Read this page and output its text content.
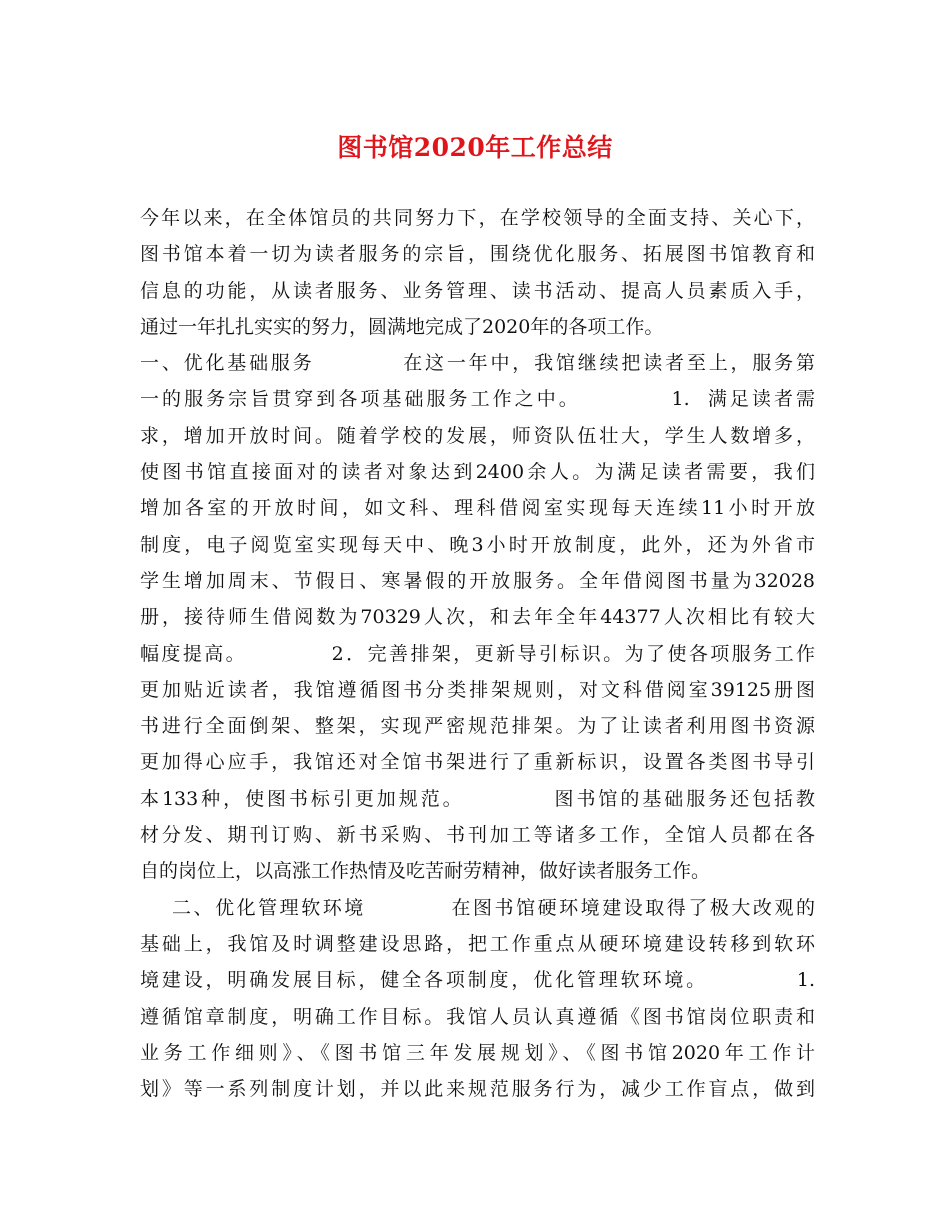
图书馆2020年工作总结
今年以来，在全体馆员的共同努力下，在学校领导的全面支持、关心下，
图书馆本着一切为读者服务的宗旨，围绕优化服务、拓展图书馆教育和
信息的功能，从读者服务、业务管理、读书活动、提高人员素质入手，
通过一年扎扎实实的努力，圆满地完成了2020年的各项工作。
一、优化基础服务          在这一年中，我馆继续把读者至上，服务第
一的服务宗旨贯穿到各项基础服务工作之中。          1.  满足读者需
求，增加开放时间。随着学校的发展，师资队伍壮大，学生人数增多，
使图书馆直接面对的读者对象达到2400余人。为满足读者需要，我们
增加各室的开放时间，如文科、理科借阅室实现每天连续11小时开放
制度，电子阅览室实现每天中、晚3小时开放制度，此外，还为外省市
学生增加周末、节假日、寒暑假的开放服务。全年借阅图书量为32028
册，接待师生借阅数为70329人次，和去年全年44377人次相比有较大
幅度提高。          2．完善排架，更新导引标识。为了使各项服务工作
更加贴近读者，我馆遵循图书分类排架规则，对文科借阅室39125册图
书进行全面倒架、整架，实现严密规范排架。为了让读者利用图书资源
更加得心应手，我馆还对全馆书架进行了重新标识，设置各类图书导引
本133种，使图书标引更加规范。          图书馆的基础服务还包括教
材分发、期刊订购、新书采购、书刊加工等诸多工作，全馆人员都在各
自的岗位上，以高涨工作热情及吃苦耐劳精神，做好读者服务工作。
二、优化管理软环境          在图书馆硬环境建设取得了极大改观的
基础上，我馆及时调整建设思路，把工作重点从硬环境建设转移到软环
境建设，明确发展目标，健全各项制度，优化管理软环境。          1.
遵循馆章制度，明确工作目标。我馆人员认真遵循《图书馆岗位职责和
业务工作细则》、《图书馆三年发展规划》、《图书馆2020年工作计
划》等一系列制度计划，并以此来规范服务行为，减少工作盲点，做到
